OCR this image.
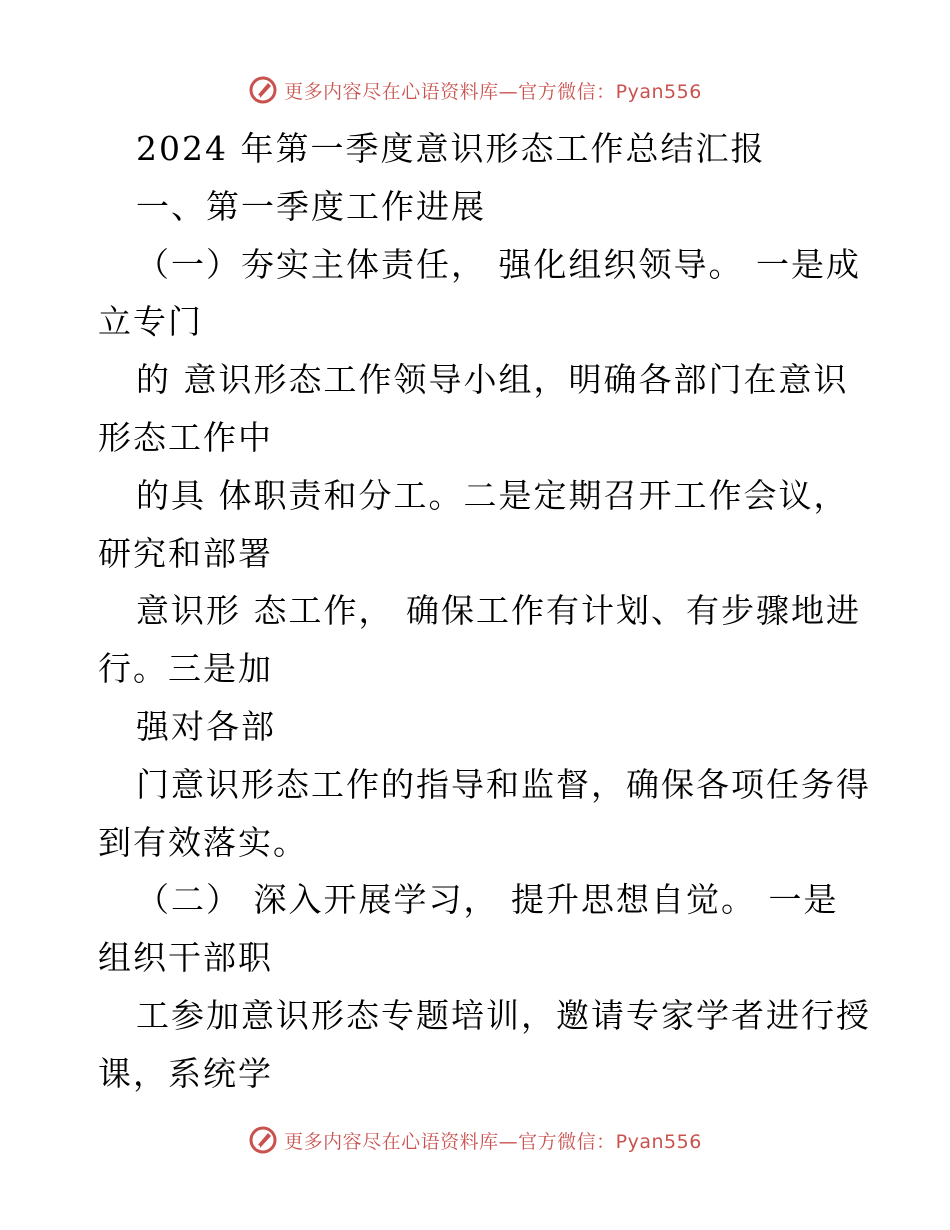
更多内容尽在心语资料库—官方微信：Pyan556
2024 年第一季度意识形态工作总结汇报
一、第一季度工作进展
（一）夯实主体责任， 强化组织领导。 一是成
立专门
的 意识形态工作领导小组，明确各部门在意识
形态工作中
的具 体职责和分工。二是定期召开工作会议，
研究和部署
意识形 态工作， 确保工作有计划、有步骤地进
行。三是加
强对各部
门意识形态工作的指导和监督，确保各项任务得
到有效落实。
（二） 深入开展学习， 提升思想自觉。 一是
组织干部职
工参加意识形态专题培训，邀请专家学者进行授
课，系统学
更多内容尽在心语资料库—官方微信：Pyan556
